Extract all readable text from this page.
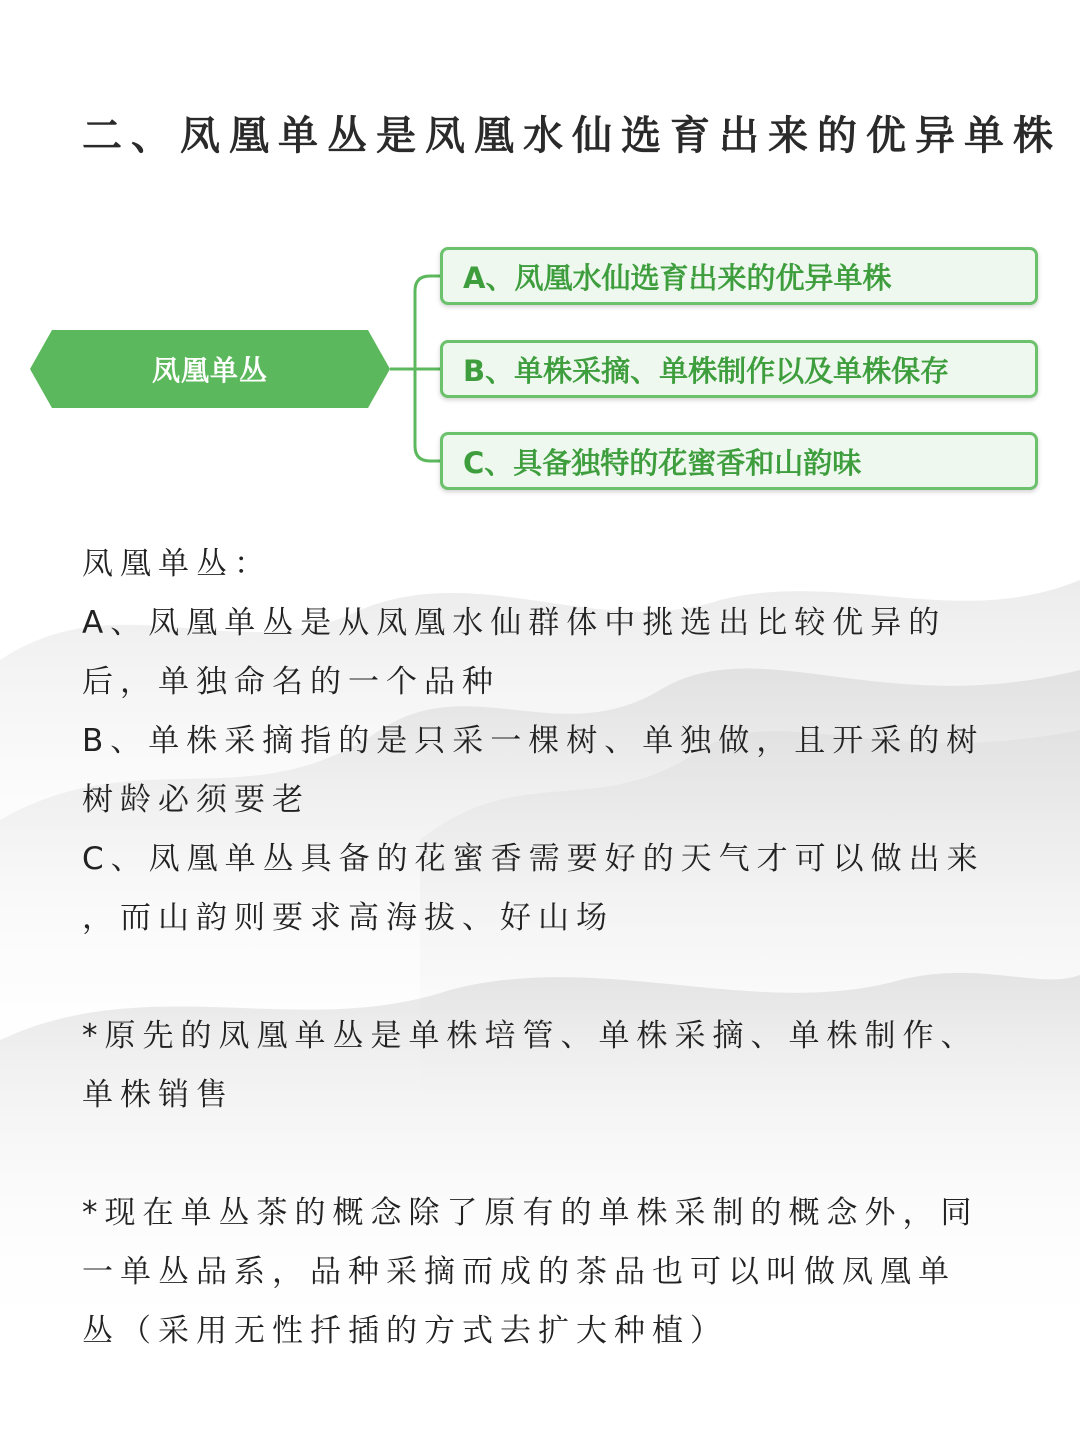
二、凤凰单丛是凤凰水仙选育出来的优异单株
凤凰单丛
A、凤凰水仙选育出来的优异单株
B、单株采摘、单株制作以及单株保存
C、具备独特的花蜜香和山韵味
凤凰单丛：
A、凤凰单丛是从凤凰水仙群体中挑选出比较优异的
后，单独命名的一个品种
B、单株采摘指的是只采一棵树、单独做，且开采的树
树龄必须要老
C、凤凰单丛具备的花蜜香需要好的天气才可以做出来
，而山韵则要求高海拔、好山场
*原先的凤凰单丛是单株培管、单株采摘、单株制作、
单株销售
*现在单丛茶的概念除了原有的单株采制的概念外，同
一单丛品系，品种采摘而成的茶品也可以叫做凤凰单
丛（采用无性扦插的方式去扩大种植）
